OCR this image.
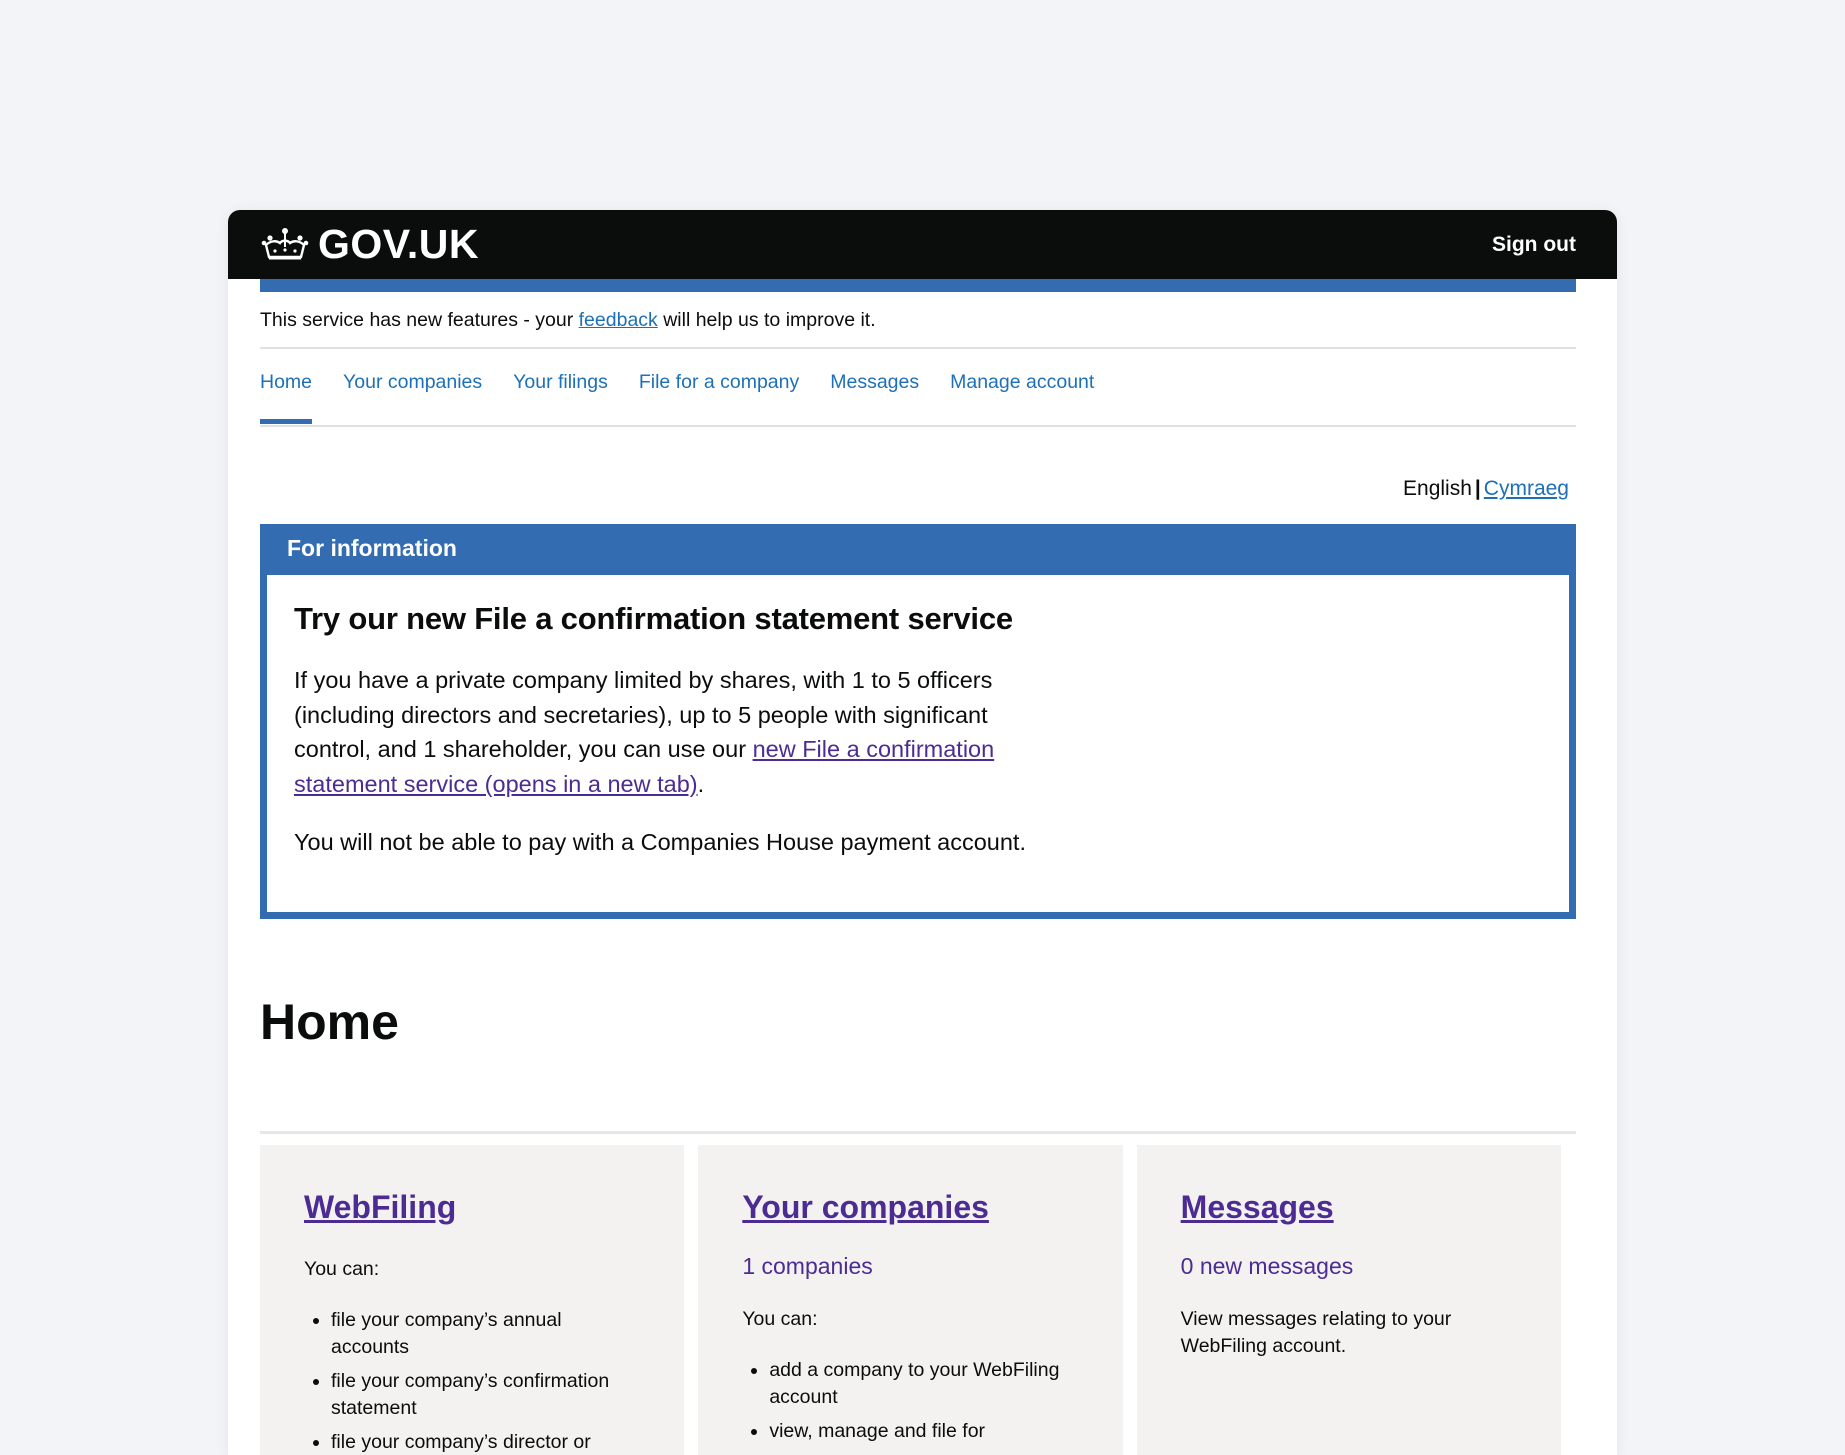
GOV.UK	Sign out
This service has new features - your feedback will help us to improve it.
Home Your companies Your filings File for a company Messages Manage account
English | Cymraeg
For information
Try our new File a confirmation statement service

If you have a private company limited by shares, with 1 to 5 officers (including directors and secretaries), up to 5 people with significant control, and 1 shareholder, you can use our new File a confirmation statement service (opens in a new tab).

You will not be able to pay with a Companies House payment account.

Home
WebFiling
You can:
• file your company’s annual accounts
• file your company’s confirmation statement
• file your company’s director or
Your companies
1 companies
You can:
• add a company to your WebFiling account
• view, manage and file for
Messages
0 new messages
View messages relating to your WebFiling account.
